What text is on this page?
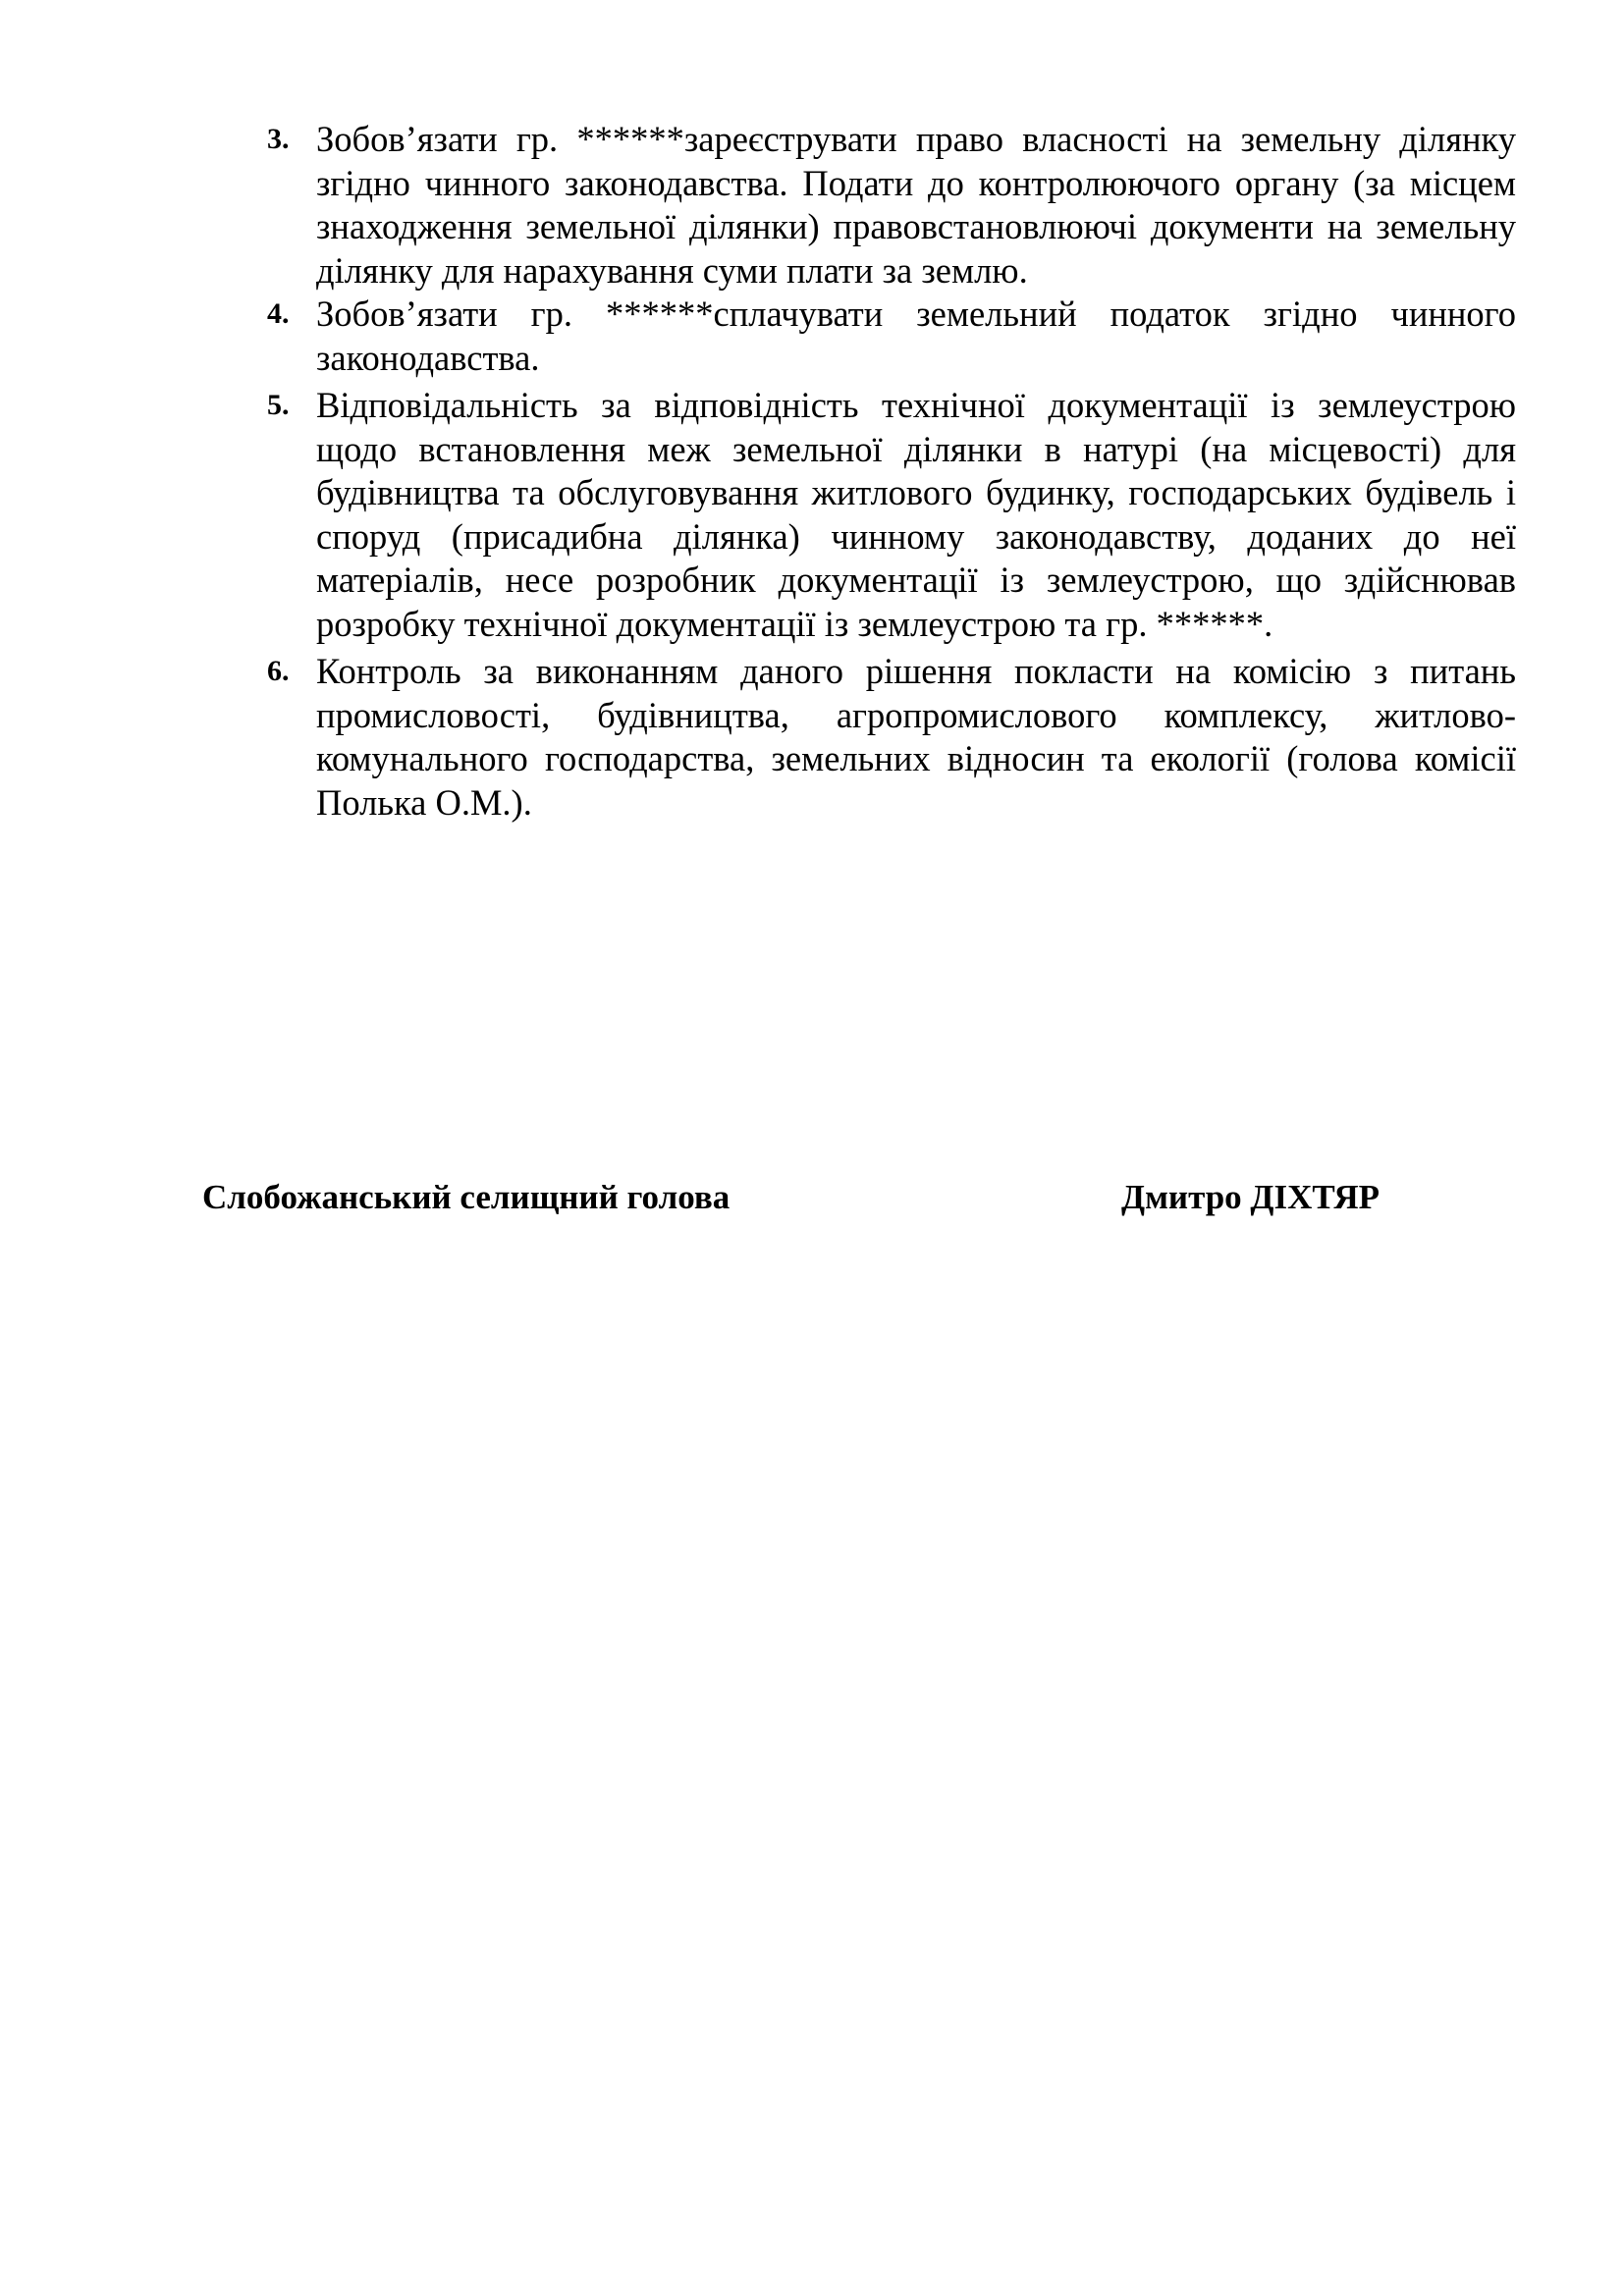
3. Зобов’язати гр. ******зареєструвати право власності на земельну ділянку згідно чинного законодавства. Подати до контролюючого органу (за місцем знаходження земельної ділянки) правовстановлюючі документи на земельну ділянку для нарахування суми плати за землю.
4. Зобов’язати гр. ******сплачувати земельний податок згідно чинного законодавства.
5. Відповідальність за відповідність технічної документації із землеустрою щодо встановлення меж земельної ділянки в натурі (на місцевості) для будівництва та обслуговування житлового будинку, господарських будівель і споруд (присадибна ділянка) чинному законодавству, доданих до неї матеріалів, несе розробник документації із землеустрою, що здійснював розробку технічної документації із землеустрою та гр. ******.
6. Контроль за виконанням даного рішення покласти на комісію з питань промисловості, будівництва, агропромислового комплексу, житлово-комунального господарства, земельних відносин та екології (голова комісії Полька О.М.).
Слобожанський селищний голова	Дмитро ДІХТЯР
